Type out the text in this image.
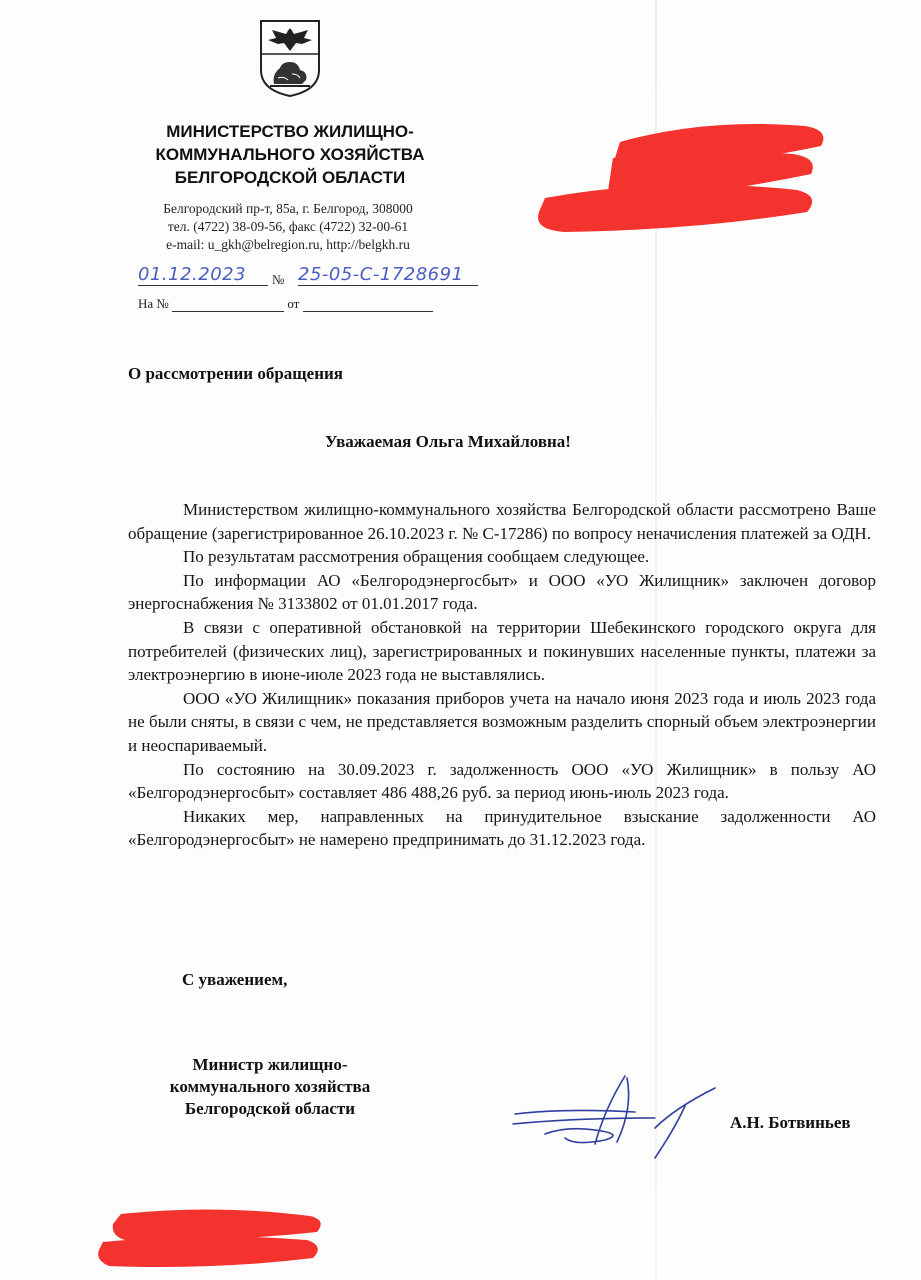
МИНИСТЕРСТВО ЖИЛИЩНО-
КОММУНАЛЬНОГО ХОЗЯЙСТВА
БЕЛГОРОДСКОЙ ОБЛАСТИ
Белгородский пр-т, 85а, г. Белгород, 308000
тел. (4722) 38-09-56, факс (4722) 32-00-61
e-mail: u_gkh@belregion.ru, http://belgkh.ru
01.12.2023	№ 25-05-С-1728691
На №	от
О рассмотрении обращения
Уважаемая Ольга Михайловна!

Министерством жилищно-коммунального хозяйства Белгородской области рассмотрено Ваше обращение (зарегистрированное 26.10.2023 г. № С-17286) по вопросу неначисления платежей за ОДН.

По результатам рассмотрения обращения сообщаем следующее.

По информации АО «Белгородэнергосбыт» и ООО «УО Жилищник» заключен договор энергоснабжения № 3133802 от 01.01.2017 года.

В связи с оперативной обстановкой на территории Шебекинского городского округа для потребителей (физических лиц), зарегистрированных и покинувших населенные пункты, платежи за электроэнергию в июне-июле 2023 года не выставлялись.

ООО «УО Жилищник» показания приборов учета на начало июня 2023 года и июль 2023 года не были сняты, в связи с чем, не представляется возможным разделить спорный объем электроэнергии и неоспариваемый.

По состоянию на 30.09.2023 г. задолженность ООО «УО Жилищник» в пользу АО «Белгородэнергосбыт» составляет 486 488,26 руб. за период июнь-июль 2023 года.

Никаких мер, направленных на принудительное взыскание задолженности АО «Белгородэнергосбыт» не намерено предпринимать до 31.12.2023 года.

С уважением,
Министр жилищно-
коммунального хозяйства
Белгородской области
А.Н. Ботвиньев
